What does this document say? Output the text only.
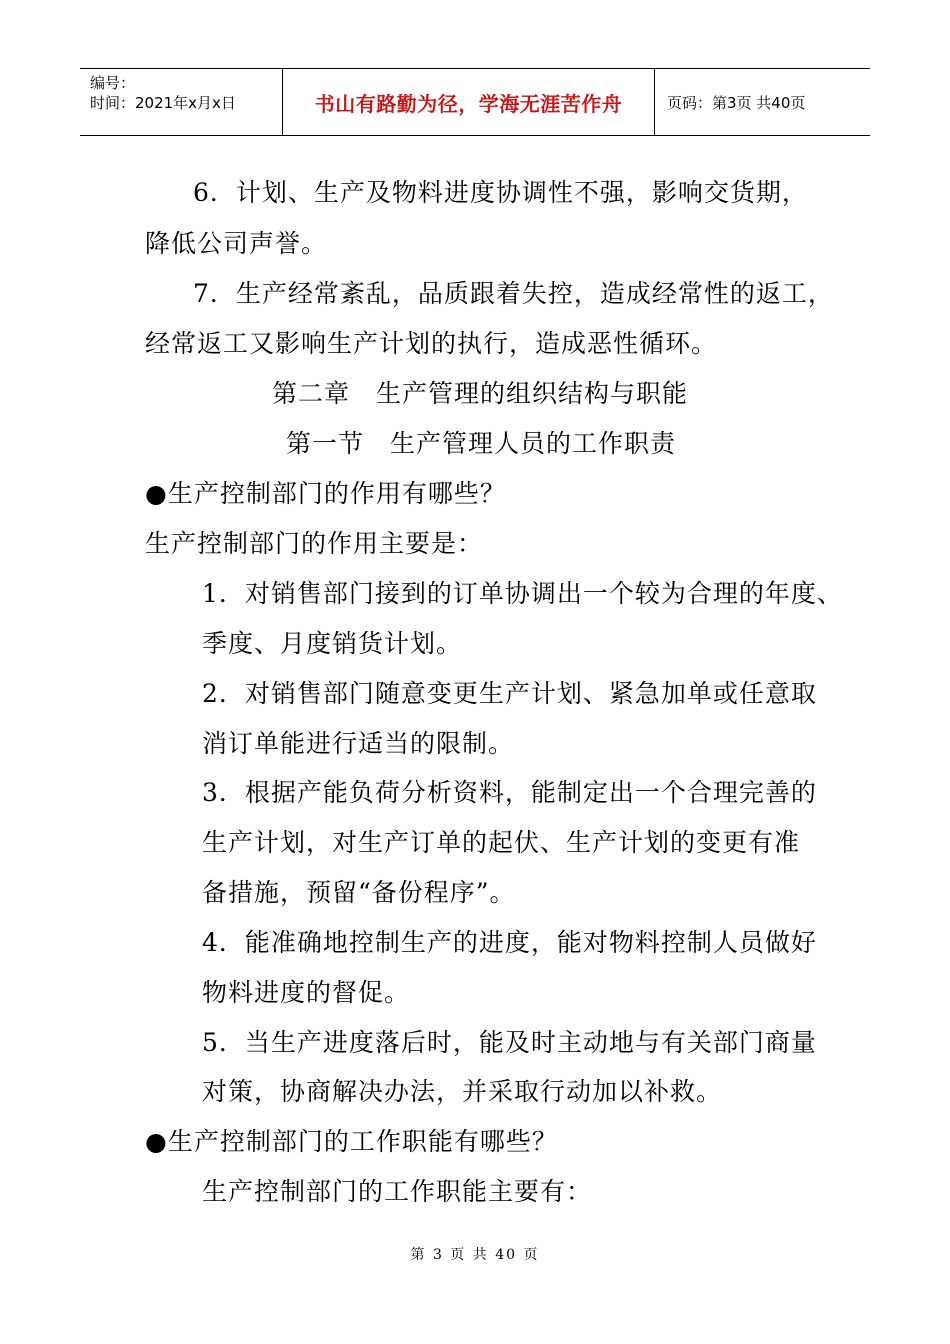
编号：
时间：2021年x月x日	书山有路勤为径，学海无涯苦作舟	页码：第3页 共40页
6．计划、生产及物料进度协调性不强，影响交货期，
降低公司声誉。
7．生产经常紊乱，品质跟着失控，造成经常性的返工，
经常返工又影响生产计划的执行，造成恶性循环。
第二章　生产管理的组织结构与职能
第一节　生产管理人员的工作职责
●生产控制部门的作用有哪些？
生产控制部门的作用主要是：
1．对销售部门接到的订单协调出一个较为合理的年度、
季度、月度销货计划。
2．对销售部门随意变更生产计划、紧急加单或任意取
消订单能进行适当的限制。
3．根据产能负荷分析资料，能制定出一个合理完善的
生产计划，对生产订单的起伏、生产计划的变更有准
备措施，预留“备份程序”。
4．能准确地控制生产的进度，能对物料控制人员做好
物料进度的督促。
5．当生产进度落后时，能及时主动地与有关部门商量
对策，协商解决办法，并采取行动加以补救。
●生产控制部门的工作职能有哪些？
生产控制部门的工作职能主要有：
第 3 页 共 40 页
